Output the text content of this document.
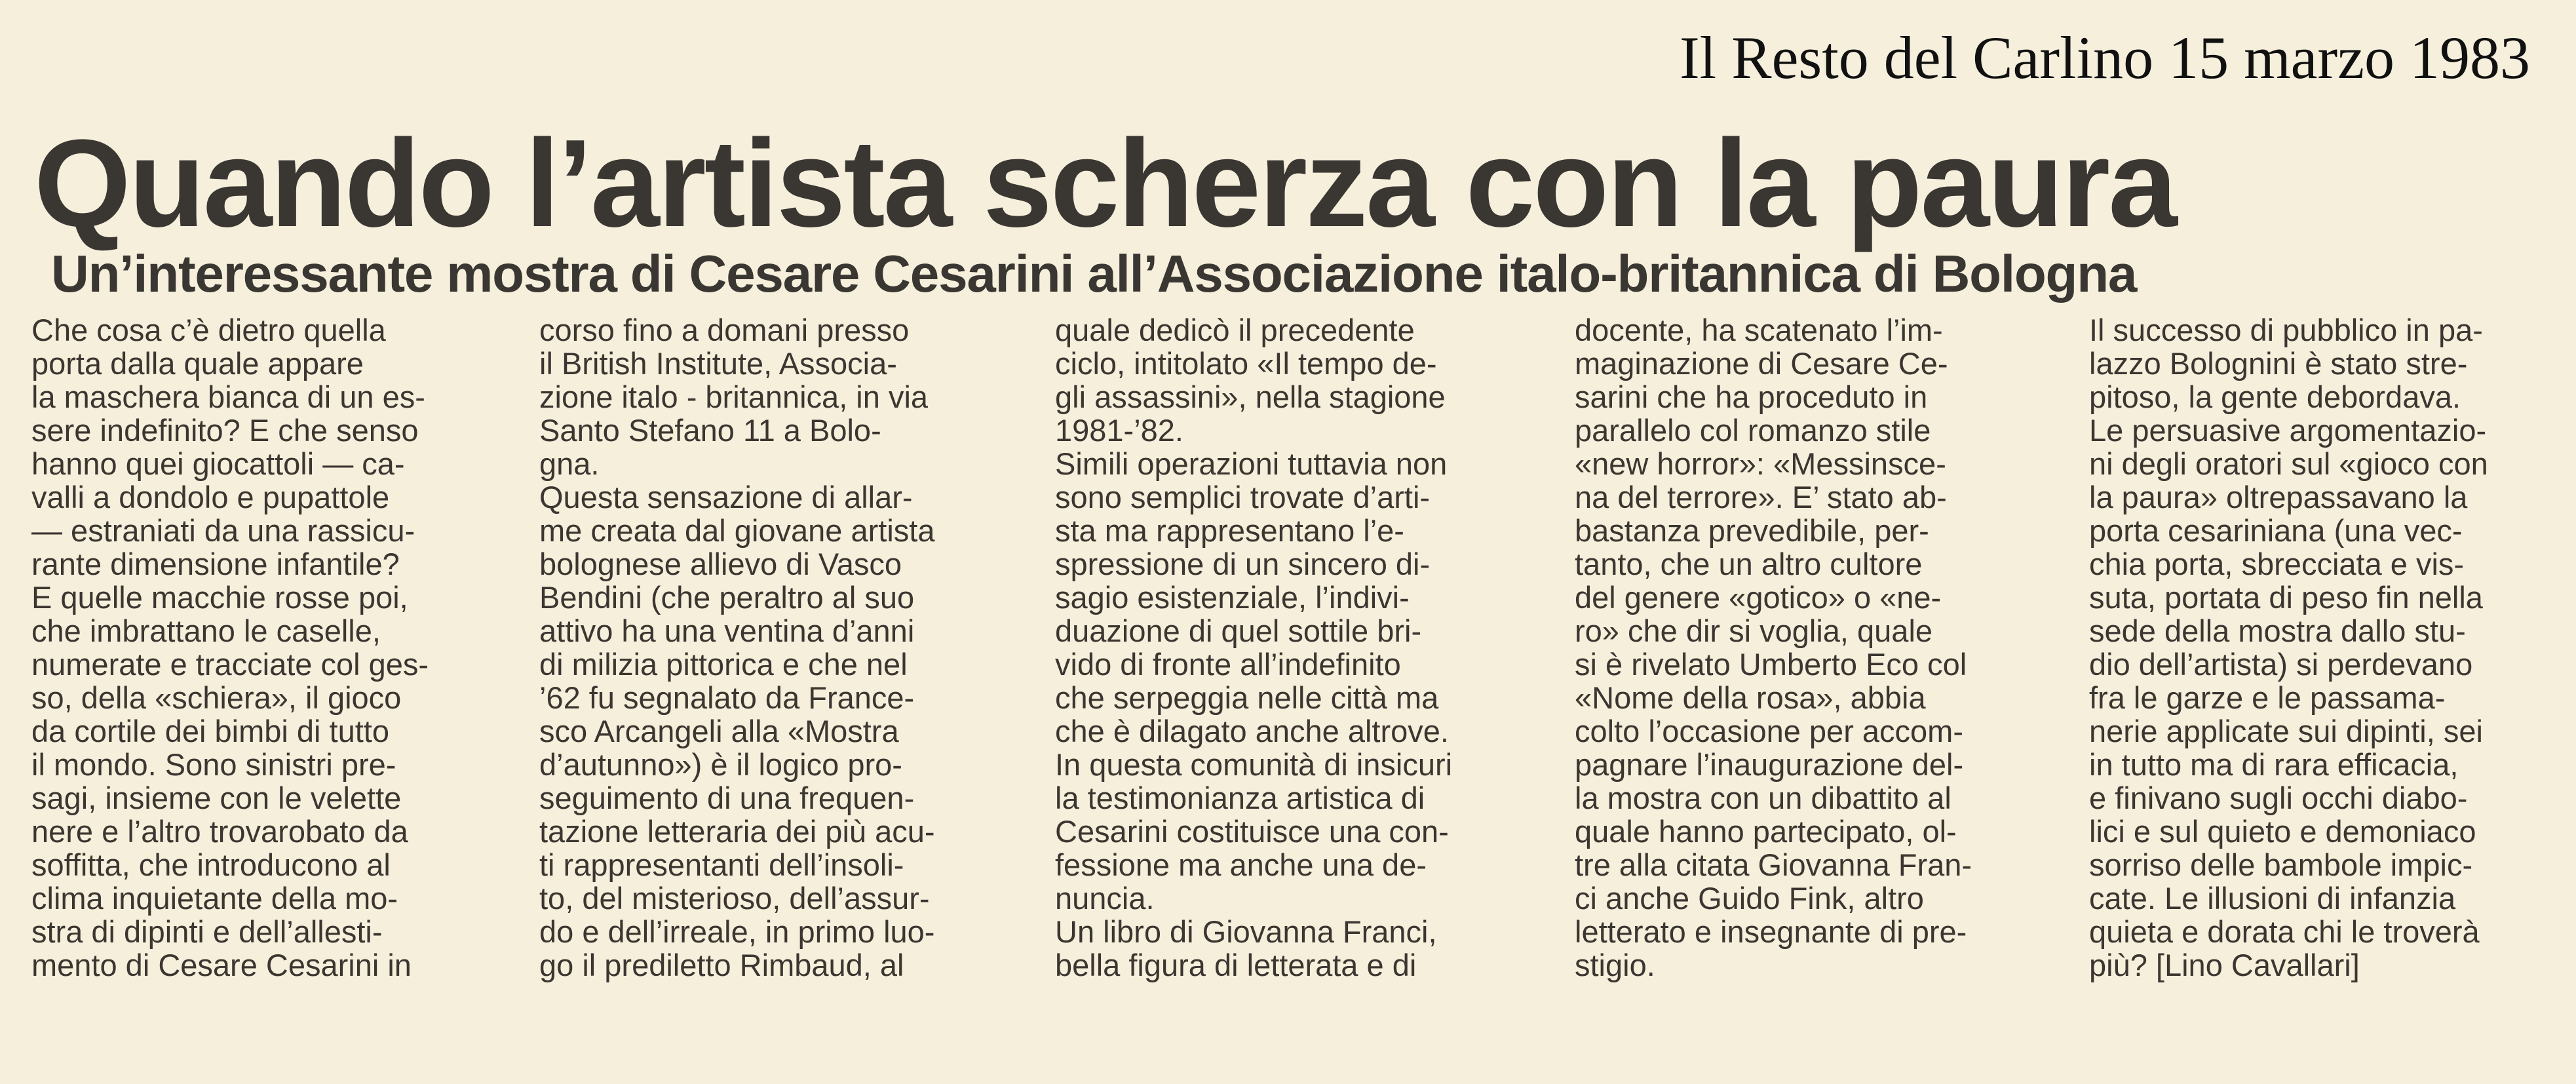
Il Resto del Carlino 15 marzo 1983
Quando l’artista scherza con la paura
Un’interessante mostra di Cesare Cesarini all’Associazione italo-britannica di Bologna
Che cosa c’è dietro quella
porta dalla quale appare
la maschera bianca di un es-
sere indefinito? E che senso
hanno quei giocattoli — ca-
valli a dondolo e pupattole
— estraniati da una rassicu-
rante dimensione infantile?
E quelle macchie rosse poi,
che imbrattano le caselle,
numerate e tracciate col ges-
so, della «schiera», il gioco
da cortile dei bimbi di tutto
il mondo. Sono sinistri pre-
sagi, insieme con le velette
nere e l’altro trovarobato da
soffitta, che introducono al
clima inquietante della mo-
stra di dipinti e dell’allesti-
mento di Cesare Cesarini in
corso fino a domani presso
il British Institute, Associa-
zione italo - britannica, in via
Santo Stefano 11 a Bolo-
gna.
Questa sensazione di allar-
me creata dal giovane artista
bolognese allievo di Vasco
Bendini (che peraltro al suo
attivo ha una ventina d’anni
di milizia pittorica e che nel
’62 fu segnalato da France-
sco Arcangeli alla «Mostra
d’autunno») è il logico pro-
seguimento di una frequen-
tazione letteraria dei più acu-
ti rappresentanti dell’insoli-
to, del misterioso, dell’assur-
do e dell’irreale, in primo luo-
go il prediletto Rimbaud, al
quale dedicò il precedente
ciclo, intitolato «Il tempo de-
gli assassini», nella stagione
1981-’82.
Simili operazioni tuttavia non
sono semplici trovate d’arti-
sta ma rappresentano l’e-
spressione di un sincero di-
sagio esistenziale, l’indivi-
duazione di quel sottile bri-
vido di fronte all’indefinito
che serpeggia nelle città ma
che è dilagato anche altrove.
In questa comunità di insicuri
la testimonianza artistica di
Cesarini costituisce una con-
fessione ma anche una de-
nuncia.
Un libro di Giovanna Franci,
bella figura di letterata e di
docente, ha scatenato l’im-
maginazione di Cesare Ce-
sarini che ha proceduto in
parallelo col romanzo stile
«new horror»: «Messinsce-
na del terrore». E’ stato ab-
bastanza prevedibile, per-
tanto, che un altro cultore
del genere «gotico» o «ne-
ro» che dir si voglia, quale
si è rivelato Umberto Eco col
«Nome della rosa», abbia
colto l’occasione per accom-
pagnare l’inaugurazione del-
la mostra con un dibattito al
quale hanno partecipato, ol-
tre alla citata Giovanna Fran-
ci anche Guido Fink, altro
letterato e insegnante di pre-
stigio.
Il successo di pubblico in pa-
lazzo Bolognini è stato stre-
pitoso, la gente debordava.
Le persuasive argomentazio-
ni degli oratori sul «gioco con
la paura» oltrepassavano la
porta cesariniana (una vec-
chia porta, sbrecciata e vis-
suta, portata di peso fin nella
sede della mostra dallo stu-
dio dell’artista) si perdevano
fra le garze e le passama-
nerie applicate sui dipinti, sei
in tutto ma di rara efficacia,
e finivano sugli occhi diabo-
lici e sul quieto e demoniaco
sorriso delle bambole impic-
cate. Le illusioni di infanzia
quieta e dorata chi le troverà
più? [Lino Cavallari]
